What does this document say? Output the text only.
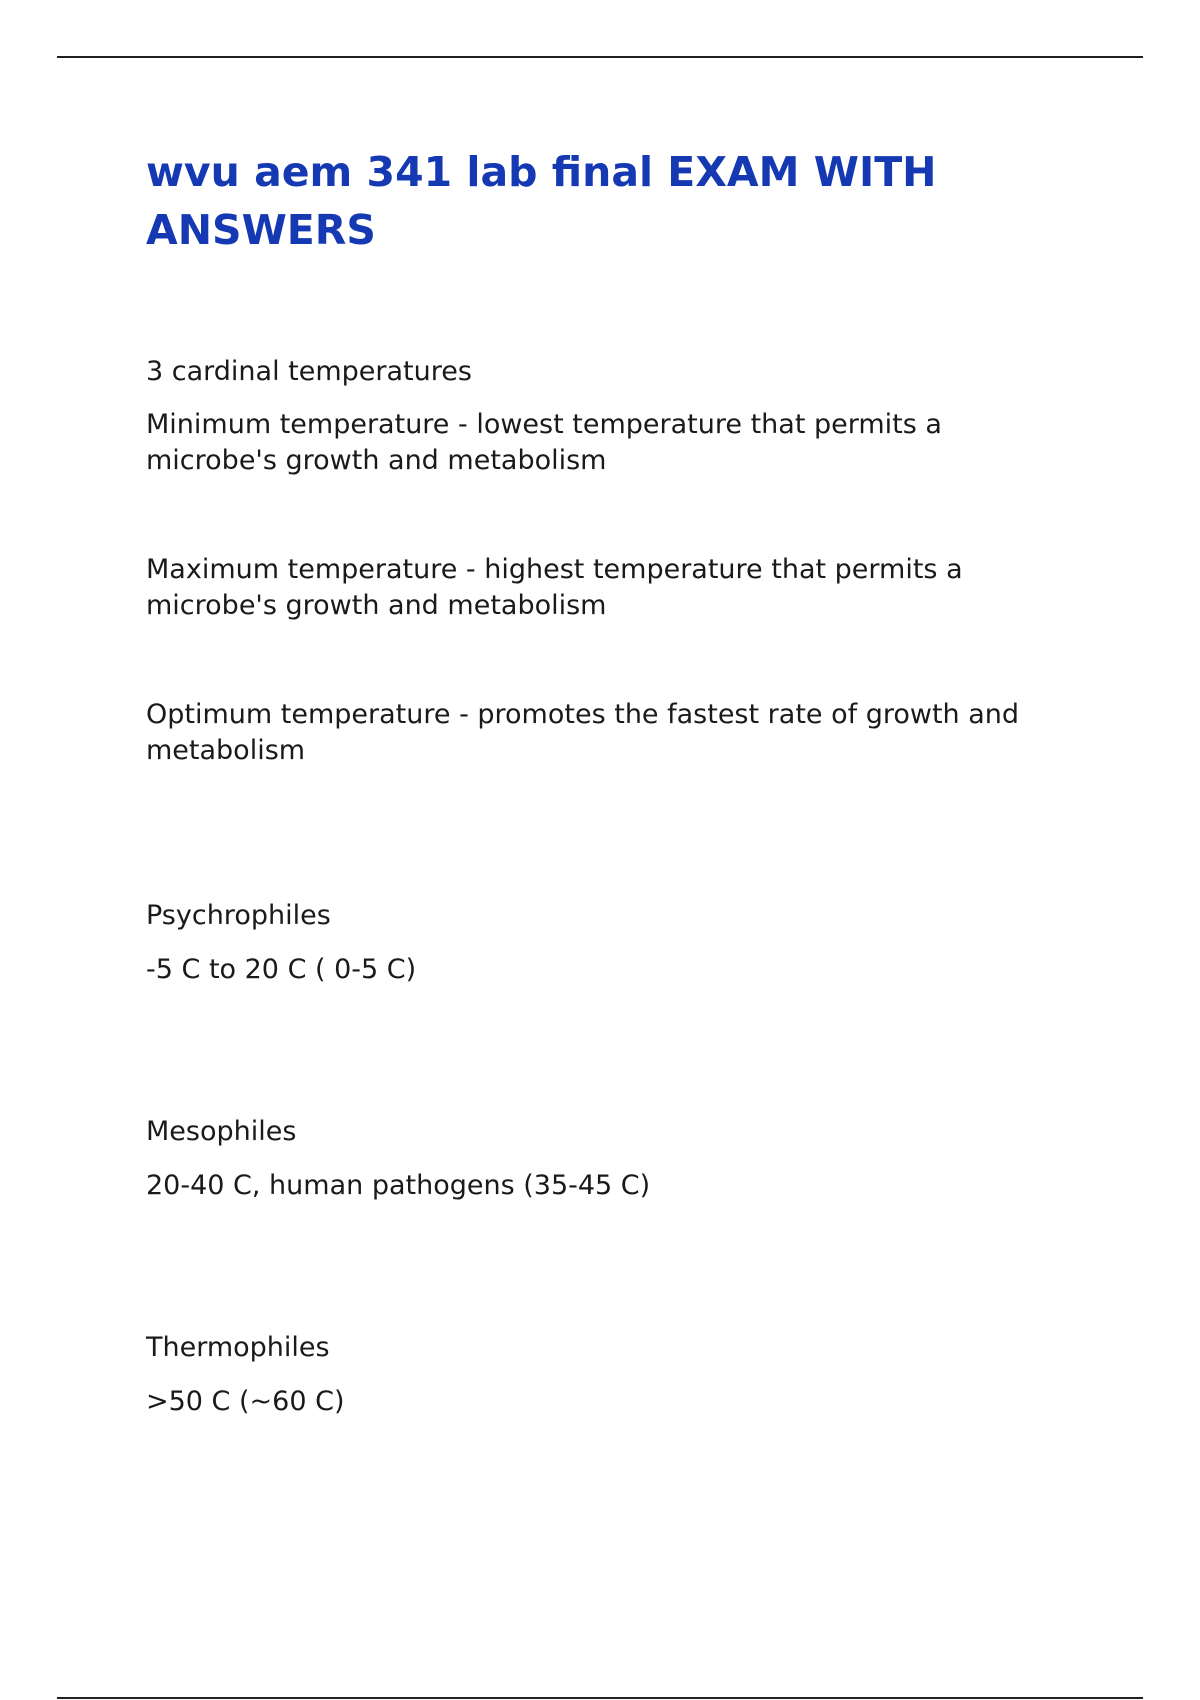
wvu aem 341 lab final EXAM WITH ANSWERS

3 cardinal temperatures

Minimum temperature - lowest temperature that permits a
microbe's growth and metabolism
Maximum temperature - highest temperature that permits a
microbe's growth and metabolism
Optimum temperature - promotes the fastest rate of growth and
metabolism

Psychrophiles

-5 C to 20 C ( 0-5 C)

Mesophiles

20-40 C, human pathogens (35-45 C)

Thermophiles

>50 C (~60 C)
